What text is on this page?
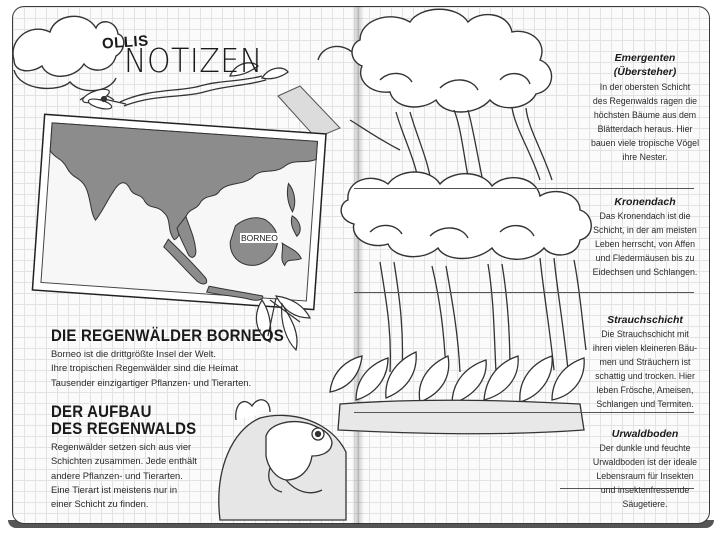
OLLIS
NOTIZEN
BORNEO
DIE REGENWÄLDER BORNEOS
Borneo ist die drittgrößte Insel der Welt.
Ihre tropischen Regenwälder sind die Heimat
Tausender einzigartiger Pflanzen- und Tierarten.
DER AUFBAU
DES REGENWALDS
Regenwälder setzen sich aus vier
Schichten zusammen. Jede enthält
andere Pflanzen- und Tierarten.
Eine Tierart ist meistens nur in
einer Schicht zu finden.
Emergenten
(Übersteher)
In der obersten Schicht
des Regenwalds ragen die
höchsten Bäume aus dem
Blätterdach heraus. Hier
bauen viele tropische Vögel
ihre Nester.
Kronendach
Das Kronendach ist die
Schicht, in der am meisten
Leben herrscht, von Affen
und Fledermäusen bis zu
Eidechsen und Schlangen.
Strauchschicht
Die Strauchschicht mit
ihren vielen kleineren Bäu-
men und Sträuchern ist
schattig und trocken. Hier
leben Frösche, Ameisen,
Schlangen und Termiten.
Urwaldboden
Der dunkle und feuchte
Urwaldboden ist der ideale
Lebensraum für Insekten
und insektenfressende
Säugetiere.
